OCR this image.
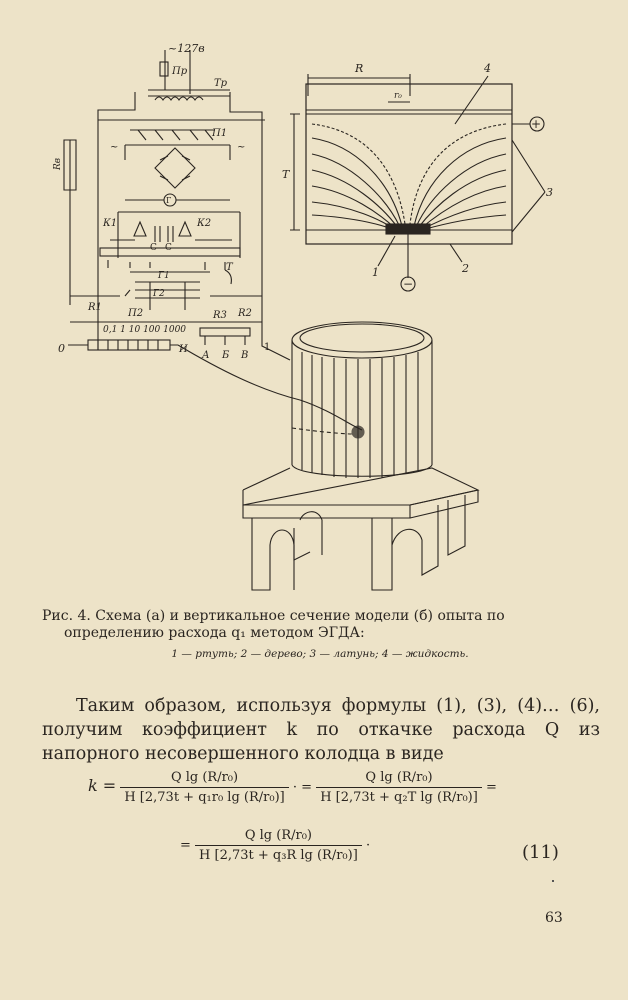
~127в
Пр
Тр
П1
~	~
Г
К1	К2
С С
Т
Г1
Г2
R1
П2	R2
R3
Rв
0,1 1 10 100 1000
0	И
А Б В
1
R
r₀
T
4
+
3
−
1	2
Рис. 4. Схема (а) и вертикальное сечение модели (б) опыта по
определению расхода q₁ методом ЭГДА:
1 — ртуть; 2 — дерево; 3 — латунь; 4 — жидкость.
Таким образом, используя формулы (1), (3), (4)… (6), получим коэффициент k по откачке расхода Q из напорного несовершенного колодца в виде
$k = \frac{\text{Q lg (R/r₀)}}{\text{H [2,73t + q₁r₀ lg (R/r₀)]}}$ · = $\frac{\text{Q lg (R/r₀)}}{\text{H [2,73t + q₂T lg (R/r₀)]}}$ =
= $\frac{\text{Q lg (R/r₀)}}{\text{H [2,73t + q₃R lg (R/r₀)]}}$ ·	(11)
63
